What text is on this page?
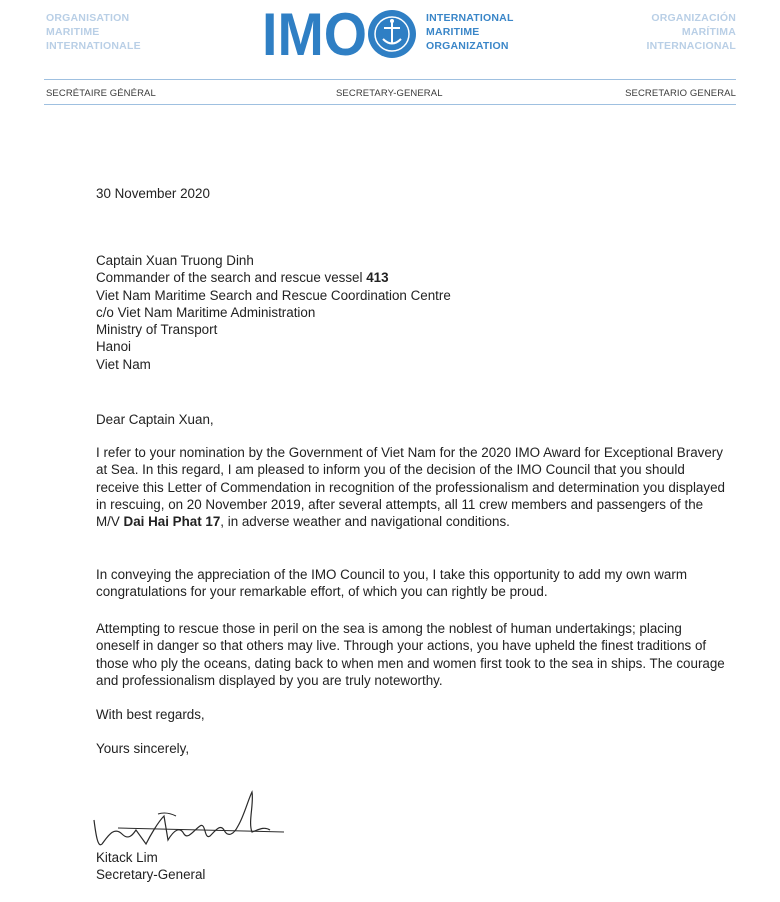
ORGANISATION
MARITIME
INTERNATIONALE IMO	INTERNATIONAL
MARITIME
ORGANIZATION
ORGANIZACIÓN
MARÍTIMA
INTERNACIONAL
SECRÉTAIRE GÉNÉRAL	SECRETARY-GENERAL	SECRETARIO GENERAL
30 November 2020
Captain Xuan Truong Dinh
Commander of the search and rescue vessel 413
Viet Nam Maritime Search and Rescue Coordination Centre
c/o Viet Nam Maritime Administration
Ministry of Transport
Hanoi
Viet Nam
Dear Captain Xuan,

I refer to your nomination by the Government of Viet Nam for the 2020 IMO Award for Exceptional Bravery at Sea. In this regard, I am pleased to inform you of the decision of the IMO Council that you should receive this Letter of Commendation in recognition of the professionalism and determination you displayed in rescuing, on 20 November 2019, after several attempts, all 11 crew members and passengers of the M/V Dai Hai Phat 17, in adverse weather and navigational conditions.

In conveying the appreciation of the IMO Council to you, I take this opportunity to add my own warm congratulations for your remarkable effort, of which you can rightly be proud.

Attempting to rescue those in peril on the sea is among the noblest of human undertakings; placing oneself in danger so that others may live. Through your actions, you have upheld the finest traditions of those who ply the oceans, dating back to when men and women first took to the sea in ships. The courage and professionalism displayed by you are truly noteworthy.

With best regards,
Yours sincerely,
Kitack Lim
Secretary-General
